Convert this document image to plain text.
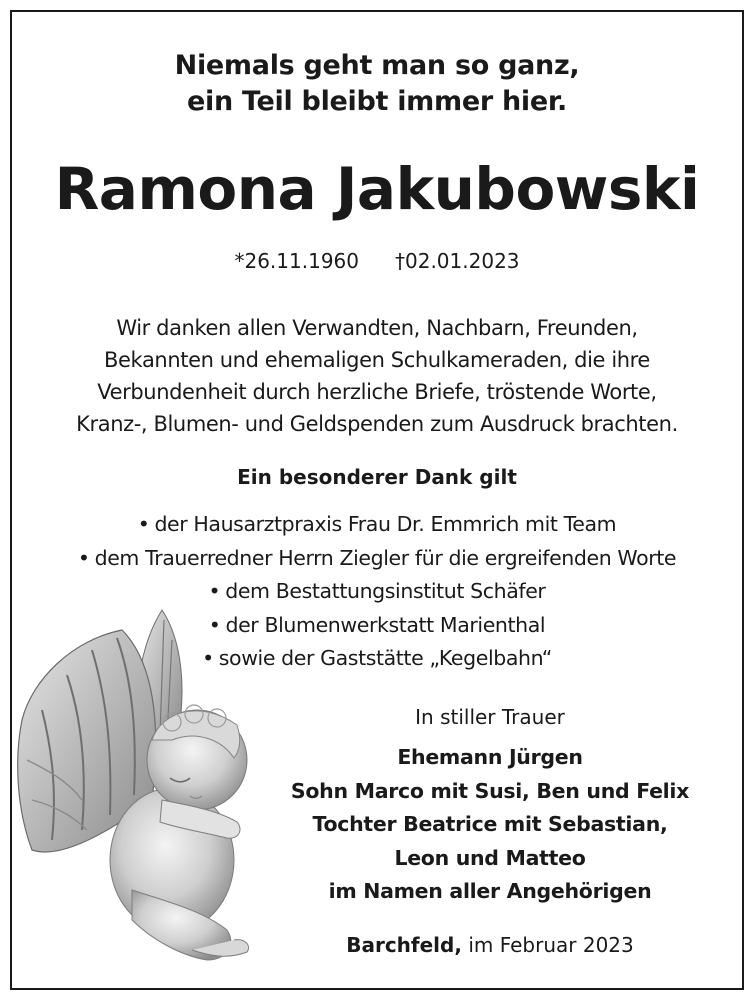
Niemals geht man so ganz,
ein Teil bleibt immer hier.
Ramona Jakubowski
*26.11.1960 †02.01.2023
Wir danken allen Verwandten, Nachbarn, Freunden,
Bekannten und ehemaligen Schulkameraden, die ihre
Verbundenheit durch herzliche Briefe, tröstende Worte,
Kranz-, Blumen- und Geldspenden zum Ausdruck brachten.
Ein besonderer Dank gilt
• der Hausarztpraxis Frau Dr. Emmrich mit Team
• dem Trauerredner Herrn Ziegler für die ergreifenden Worte
• dem Bestattungsinstitut Schäfer
• der Blumenwerkstatt Marienthal
• sowie der Gaststätte „Kegelbahn“
In stiller Trauer
Ehemann Jürgen
Sohn Marco mit Susi, Ben und Felix
Tochter Beatrice mit Sebastian,
Leon und Matteo
im Namen aller Angehörigen
Barchfeld, im Februar 2023
